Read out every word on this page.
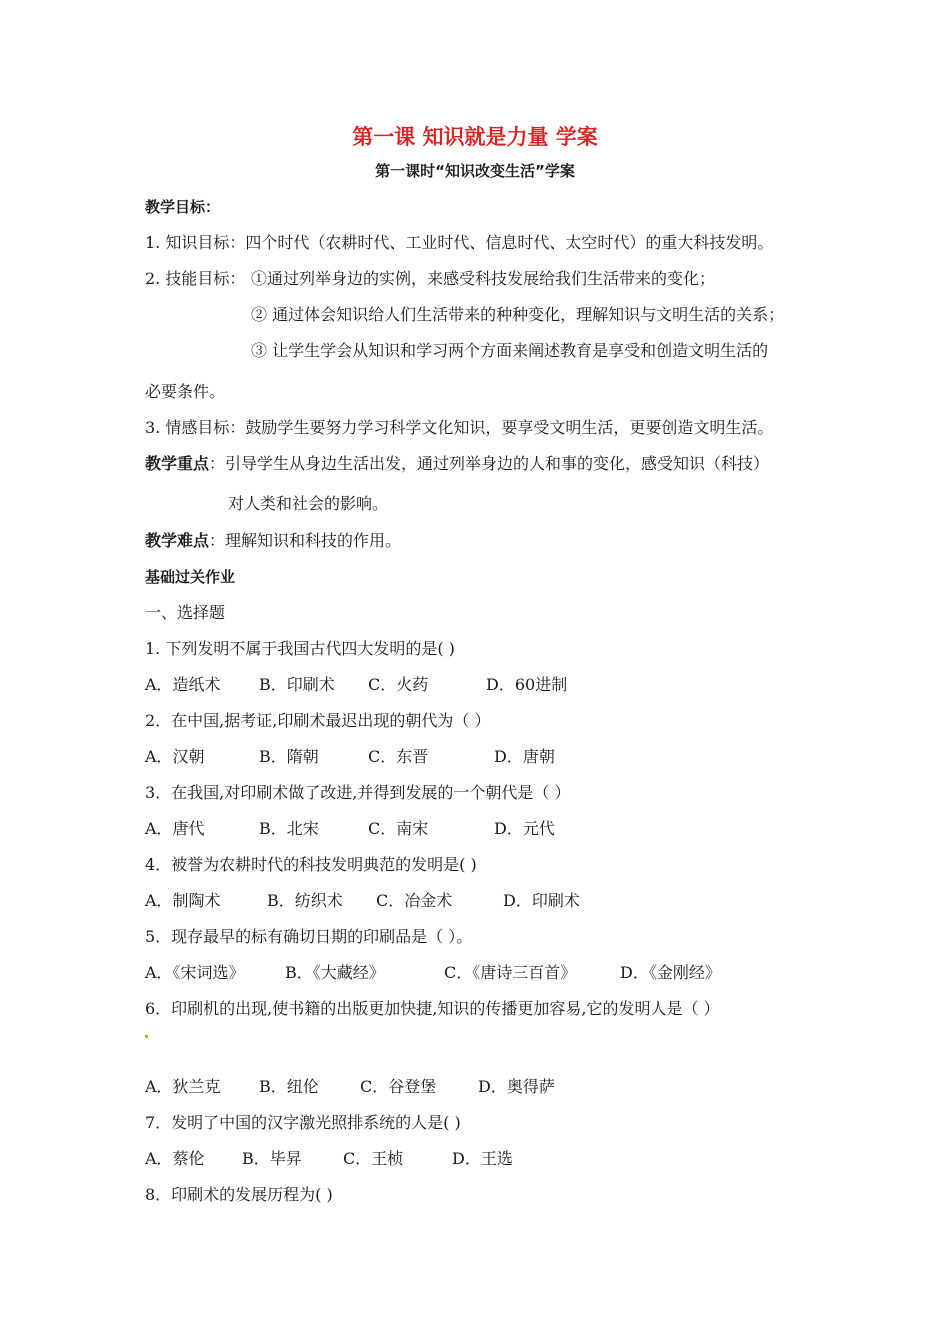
第一课 知识就是力量 学案
第一课时“知识改变生活”学案
教学目标：
1. 知识目标：四个时代（农耕时代、工业时代、信息时代、太空时代）的重大科技发明。
2. 技能目标： ①通过列举身边的实例，来感受科技发展给我们生活带来的变化；
② 通过体会知识给人们生活带来的种种变化，理解知识与文明生活的关系；
③ 让学生学会从知识和学习两个方面来阐述教育是享受和创造文明生活的
必要条件。
3. 情感目标：鼓励学生要努力学习科学文化知识，要享受文明生活，更要创造文明生活。
教学重点：引导学生从身边生活出发，通过列举身边的人和事的变化，感受知识（科技）
对人类和社会的影响。
教学难点：理解知识和科技的作用。
基础过关作业
一、选择题
1. 下列发明不属于我国古代四大发明的是( )
A．造纸术 B．印刷术 C．火药	D．60进制
2．在中国,据考证,印刷术最迟出现的朝代为（ ）
A．汉朝	B．隋朝	C．东晋	D．唐朝
3．在我国,对印刷术做了改进,并得到发展的一个朝代是（ ）
A．唐代	B．北宋	C．南宋	D．元代
4．被誉为农耕时代的科技发明典范的发明是( )
A．制陶术	B．纺织术 C．冶金术	D．印刷术
5．现存最早的标有确切日期的印刷品是（ ）。
A．《宋词选》	B．《大藏经》	C．《唐诗三百首》	D．《金刚经》
6．印刷机的出现,使书籍的出版更加快捷,知识的传播更加容易,它的发明人是（ ）
A．狄兰克 B．纽伦	C．谷登堡	D．奥得萨
7．发明了中国的汉字激光照排系统的人是( )
A．蔡伦 B．毕昇	C．王桢	D．王选
8．印刷术的发展历程为( )
